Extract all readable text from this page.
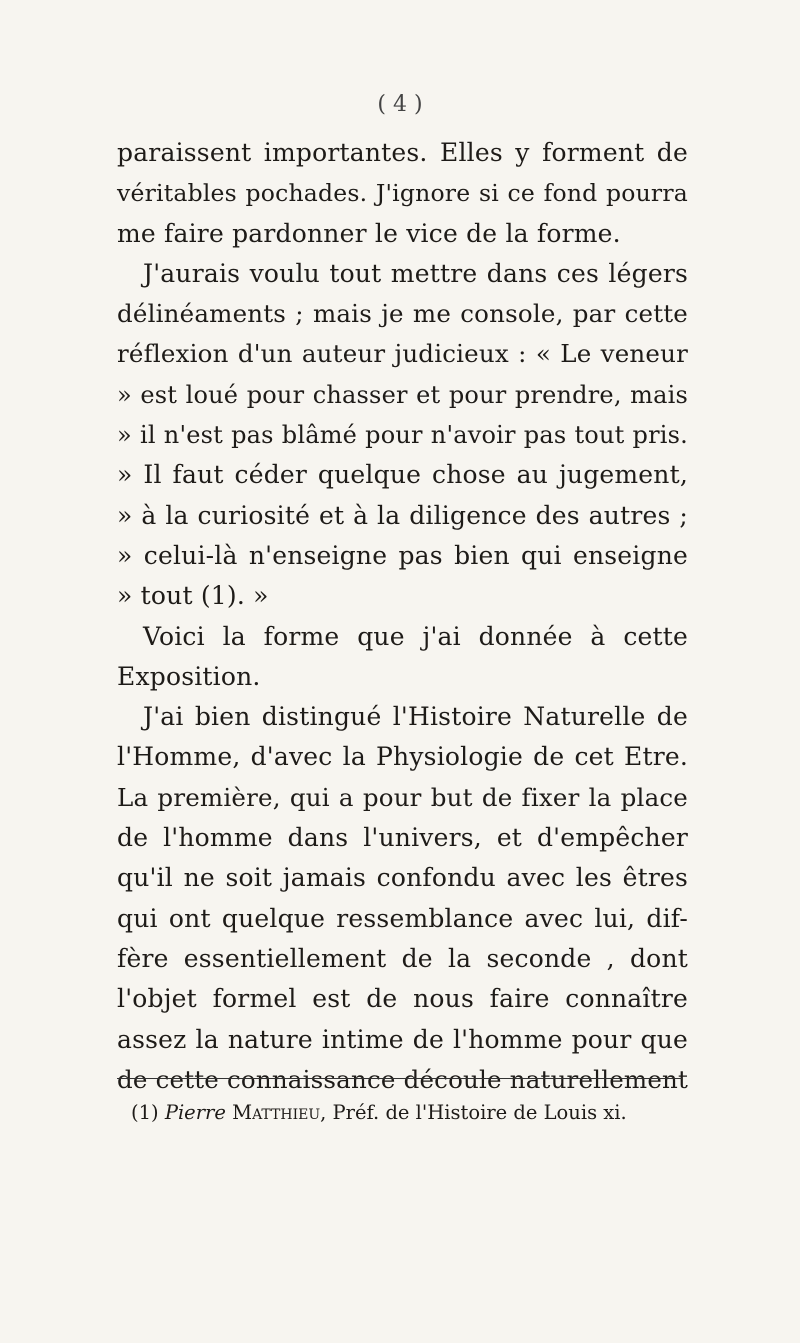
( 4 )
paraissent importantes. Elles y forment de
véritables pochades. J'ignore si ce fond pourra
me faire pardonner le vice de la forme.
J'aurais voulu tout mettre dans ces légers
délinéaments ; mais je me console, par cette
réflexion d'un auteur judicieux : « Le veneur
» est loué pour chasser et pour prendre, mais
» il n'est pas blâmé pour n'avoir pas tout pris.
» Il faut céder quelque chose au jugement,
» à la curiosité et à la diligence des autres ;
» celui-là n'enseigne pas bien qui enseigne
» tout (1). »
Voici la forme que j'ai donnée à cette
Exposition.
J'ai bien distingué l'Histoire Naturelle de
l'Homme, d'avec la Physiologie de cet Etre.
La première, qui a pour but de fixer la place
de l'homme dans l'univers, et d'empêcher
qu'il ne soit jamais confondu avec les êtres
qui ont quelque ressemblance avec lui, dif-
fère essentiellement de la seconde , dont
l'objet formel est de nous faire connaître
assez la nature intime de l'homme pour que
de cette connaissance découle naturellement
(1) Pierre Matthieu, Préf. de l'Histoire de Louis xi.
